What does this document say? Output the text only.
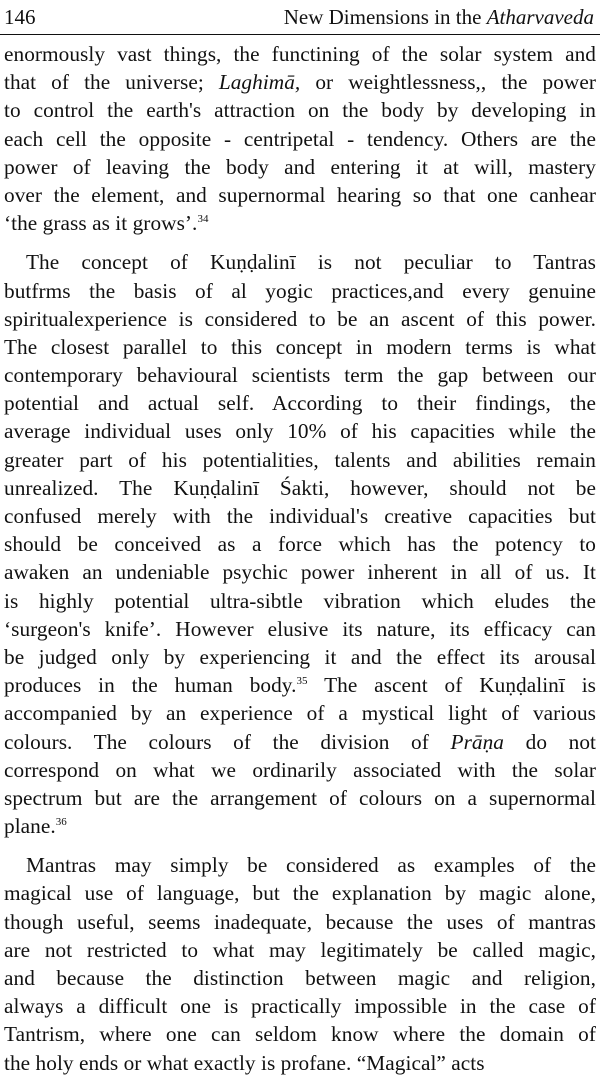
146	New Dimensions in the Atharvaveda
enormously vast things, the functining of the solar system and
that of the universe; Laghimā, or weightlessness,, the power
to control the earth's attraction on the body by developing in
each cell the opposite - centripetal - tendency. Others are the
power of leaving the body and entering it at will, mastery
over the element, and supernormal hearing so that one canhear
‘the grass as it grows’.$^{34}$
The concept of Kuṇḍalinī is not peculiar to Tantras
butfrms the basis of al yogic practices,and every genuine
spiritualexperience is considered to be an ascent of this power.
The closest parallel to this concept in modern terms is what
contemporary behavioural scientists term the gap between our
potential and actual self. According to their findings, the
average individual uses only 10% of his capacities while the
greater part of his potentialities, talents and abilities remain
unrealized. The Kuṇḍalinī Śakti, however, should not be
confused merely with the individual's creative capacities but
should be conceived as a force which has the potency to
awaken an undeniable psychic power inherent in all of us. It
is highly potential ultra-sibtle vibration which eludes the
‘surgeon's knife’. However elusive its nature, its efficacy can
be judged only by experiencing it and the effect its arousal
produces in the human body.$^{35}$ The ascent of Kuṇḍalinī is
accompanied by an experience of a mystical light of various
colours. The colours of the division of Prāṇa do not
correspond on what we ordinarily associated with the solar
spectrum but are the arrangement of colours on a supernormal
plane.$^{36}$
Mantras may simply be considered as examples of the
magical use of language, but the explanation by magic alone,
though useful, seems inadequate, because the uses of mantras
are not restricted to what may legitimately be called magic,
and because the distinction between magic and religion,
always a difficult one is practically impossible in the case of
Tantrism, where one can seldom know where the domain of
the holy ends or what exactly is profane. “Magical” acts
